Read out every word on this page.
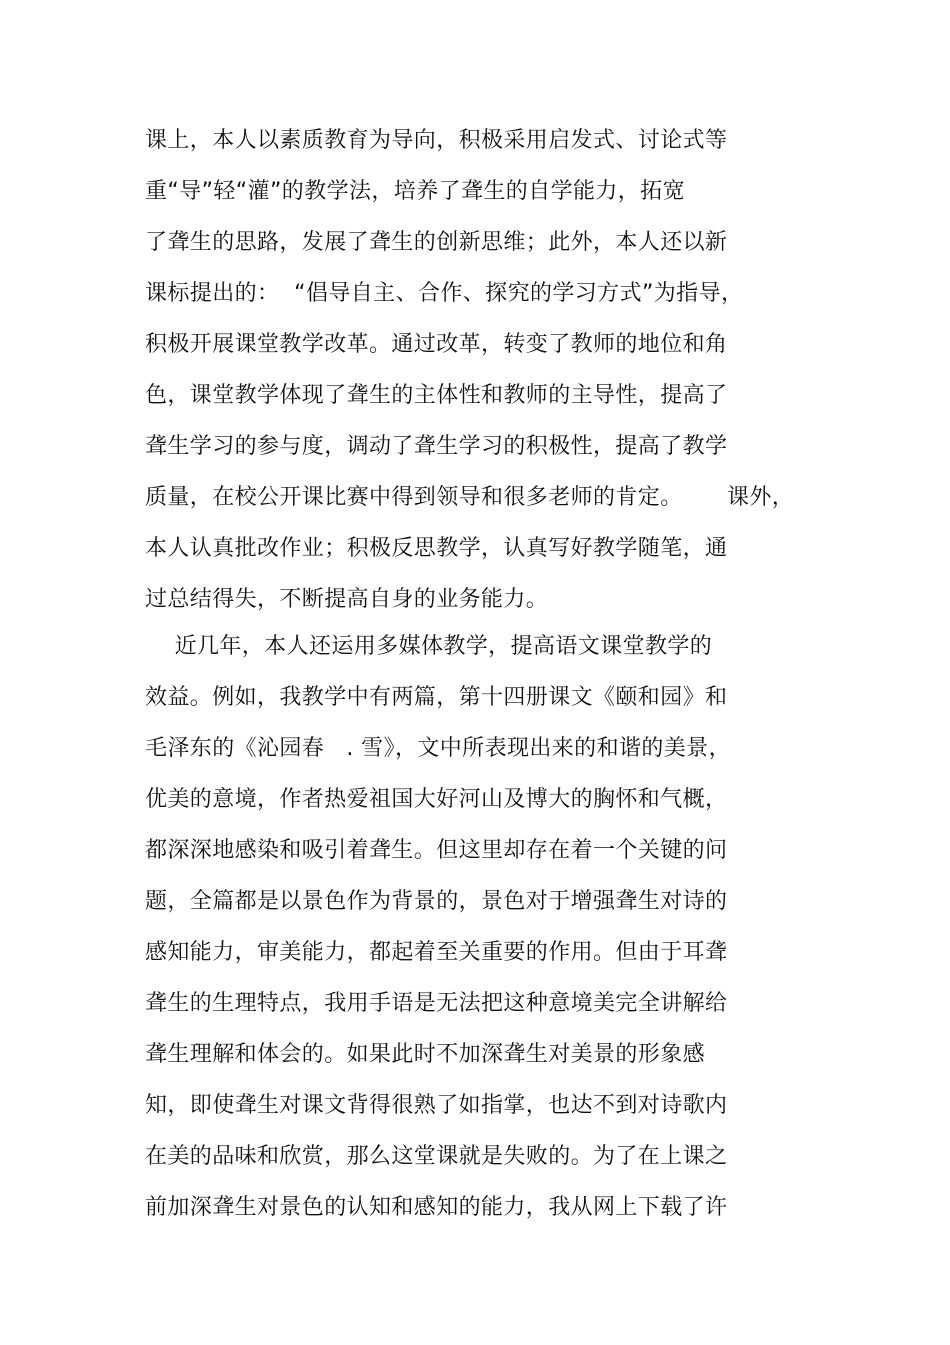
课上，本人以素质教育为导向，积极采用启发式、讨论式等
重“导”轻“灌”的教学法，培养了聋生的自学能力，拓宽
了聋生的思路，发展了聋生的创新思维；此外，本人还以新
课标提出的：  “倡导自主、合作、探究的学习方式”为指导，
积极开展课堂教学改革。通过改革，转变了教师的地位和角
色，课堂教学体现了聋生的主体性和教师的主导性，提高了
聋生学习的参与度，调动了聋生学习的积极性，提高了教学
质量，在校公开课比赛中得到领导和很多老师的肯定。      课外，
本人认真批改作业；积极反思教学，认真写好教学随笔，通
过总结得失，不断提高自身的业务能力。
近几年，本人还运用多媒体教学，提高语文课堂教学的
效益。例如，我教学中有两篇，第十四册课文《颐和园》和
毛泽东的《沁园春   . 雪》，文中所表现出来的和谐的美景，
优美的意境，作者热爱祖国大好河山及博大的胸怀和气概，
都深深地感染和吸引着聋生。但这里却存在着一个关键的问
题，全篇都是以景色作为背景的，景色对于增强聋生对诗的
感知能力，审美能力，都起着至关重要的作用。但由于耳聋
聋生的生理特点，我用手语是无法把这种意境美完全讲解给
聋生理解和体会的。如果此时不加深聋生对美景的形象感
知，即使聋生对课文背得很熟了如指掌，也达不到对诗歌内
在美的品味和欣赏，那么这堂课就是失败的。为了在上课之
前加深聋生对景色的认知和感知的能力，我从网上下载了许
